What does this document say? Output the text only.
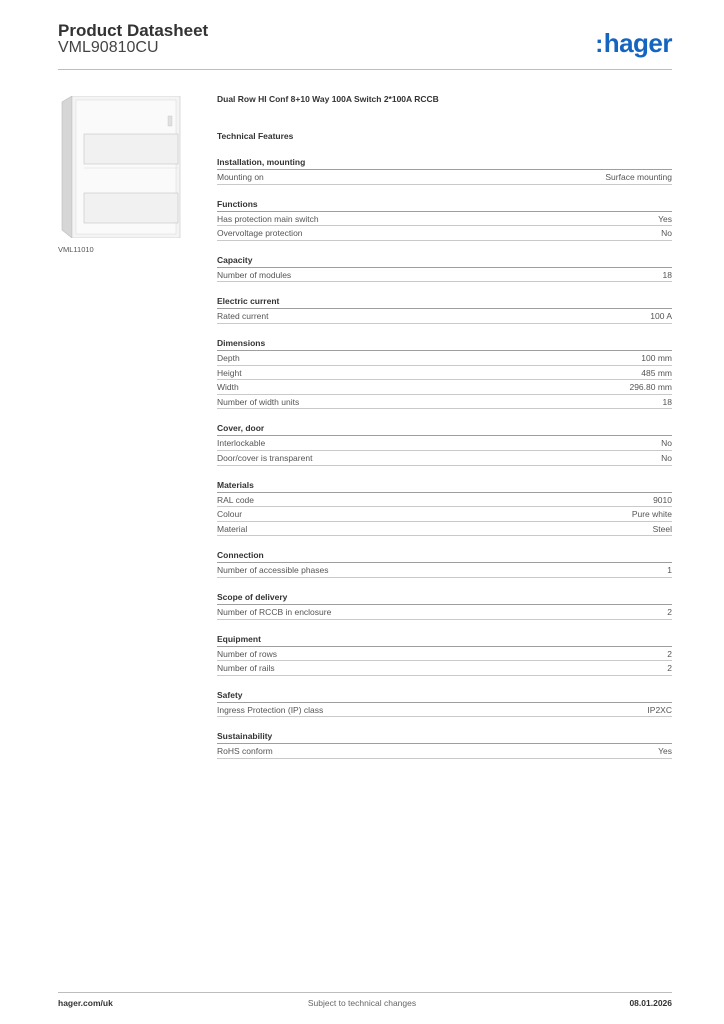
Product Datasheet
VML90810CU	:hager
VML11010
Dual Row HI Conf 8+10 Way 100A Switch 2*100A RCCB
Technical Features
Installation, mounting
Mounting on	Surface mounting
Functions
Has protection main switch	Yes
Overvoltage protection	No
Capacity
Number of modules	18
Electric current
Rated current	100 A
Dimensions
Depth	100 mm
Height	485 mm
Width	296.80 mm
Number of width units	18
Cover, door
Interlockable	No
Door/cover is transparent	No
Materials
RAL code	9010
Colour	Pure white
Material	Steel
Connection
Number of accessible phases	1
Scope of delivery
Number of RCCB in enclosure	2
Equipment
Number of rows	2
Number of rails	2
Safety
Ingress Protection (IP) class	IP2XC
Sustainability
RoHS conform	Yes
hager.com/uk	Subject to technical changes	08.01.2026
